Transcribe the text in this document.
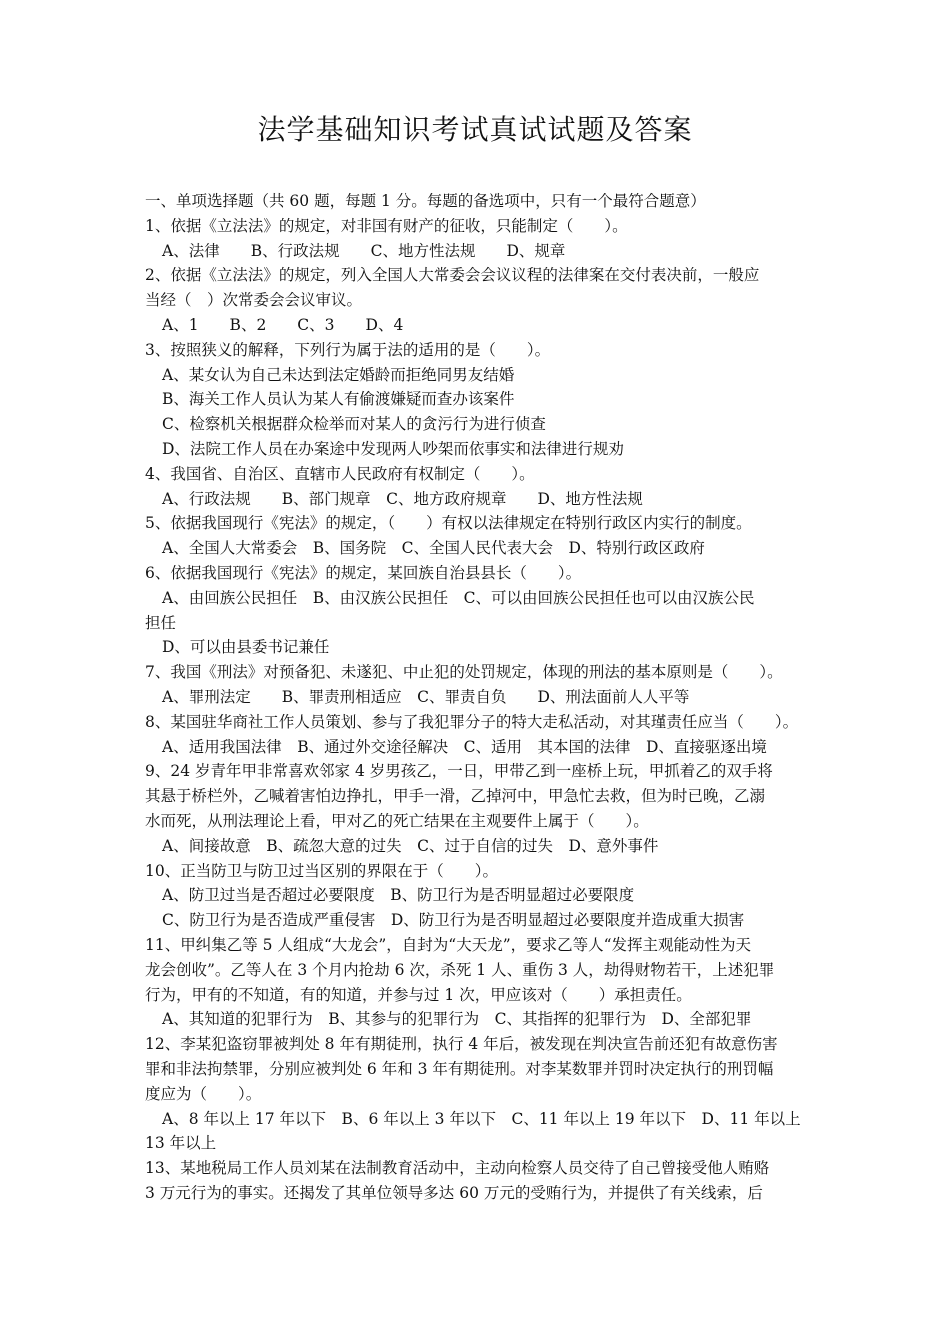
法学基础知识考试真试试题及答案
一、单项选择题（共 60 题，每题 1 分。每题的备选项中，只有一个最符合题意）
1、依据《立法法》的规定，对非国有财产的征收，只能制定（　　）。
A、法律　　B、行政法规　　C、地方性法规　　D、规章
2、依据《立法法》的规定，列入全国人大常委会会议议程的法律案在交付表决前，一般应
当经（　）次常委会会议审议。
A、1　　B、2　　C、3　　D、4
3、按照狭义的解释，下列行为属于法的适用的是（　　）。
A、某女认为自己未达到法定婚龄而拒绝同男友结婚
B、海关工作人员认为某人有偷渡嫌疑而查办该案件
C、检察机关根据群众检举而对某人的贪污行为进行侦查
D、法院工作人员在办案途中发现两人吵架而依事实和法律进行规劝
4、我国省、自治区、直辖市人民政府有权制定（　　）。
A、行政法规　　B、部门规章　C、地方政府规章　　D、地方性法规
5、依据我国现行《宪法》的规定，（　　）有权以法律规定在特别行政区内实行的制度。
A、全国人大常委会　B、国务院　C、全国人民代表大会　D、特别行政区政府
6、依据我国现行《宪法》的规定，某回族自治县县长（　　）。
A、由回族公民担任　B、由汉族公民担任　C、可以由回族公民担任也可以由汉族公民
担任
D、可以由县委书记兼任
7、我国《刑法》对预备犯、未遂犯、中止犯的处罚规定，体现的刑法的基本原则是（　　）。
A、罪刑法定　　B、罪责刑相适应　C、罪责自负　　D、刑法面前人人平等
8、某国驻华商社工作人员策划、参与了我犯罪分子的特大走私活动，对其瑾责任应当（　　）。
A、适用我国法律　B、通过外交途径解决　C、适用　其本国的法律　D、直接驱逐出境
9、24 岁青年甲非常喜欢邻家 4 岁男孩乙，一日，甲带乙到一座桥上玩，甲抓着乙的双手将
其悬于桥栏外，乙喊着害怕边挣扎，甲手一滑，乙掉河中，甲急忙去救，但为时已晚，乙溺
水而死，从刑法理论上看，甲对乙的死亡结果在主观要件上属于（　　）。
A、间接故意　B、疏忽大意的过失　C、过于自信的过失　D、意外事件
10、正当防卫与防卫过当区别的界限在于（　　）。
A、防卫过当是否超过必要限度　B、防卫行为是否明显超过必要限度
C、防卫行为是否造成严重侵害　D、防卫行为是否明显超过必要限度并造成重大损害
11、甲纠集乙等 5 人组成“大龙会”，自封为“大天龙”，要求乙等人“发挥主观能动性为天
龙会创收”。乙等人在 3 个月内抢劫 6 次，杀死 1 人、重伤 3 人，劫得财物若干，上述犯罪
行为，甲有的不知道，有的知道，并参与过 1 次，甲应该对（　　）承担责任。
A、其知道的犯罪行为　B、其参与的犯罪行为　C、其指挥的犯罪行为　D、全部犯罪
12、李某犯盗窃罪被判处 8 年有期徒刑，执行 4 年后，被发现在判决宣告前还犯有故意伤害
罪和非法拘禁罪，分别应被判处 6 年和 3 年有期徒刑。对李某数罪并罚时决定执行的刑罚幅
度应为（　　）。
A、8 年以上 17 年以下　B、6 年以上 3 年以下　C、11 年以上 19 年以下　D、11 年以上
13 年以上
13、某地税局工作人员刘某在法制教育活动中，主动向检察人员交待了自己曾接受他人贿赂
3 万元行为的事实。还揭发了其单位领导多达 60 万元的受贿行为，并提供了有关线索，后
